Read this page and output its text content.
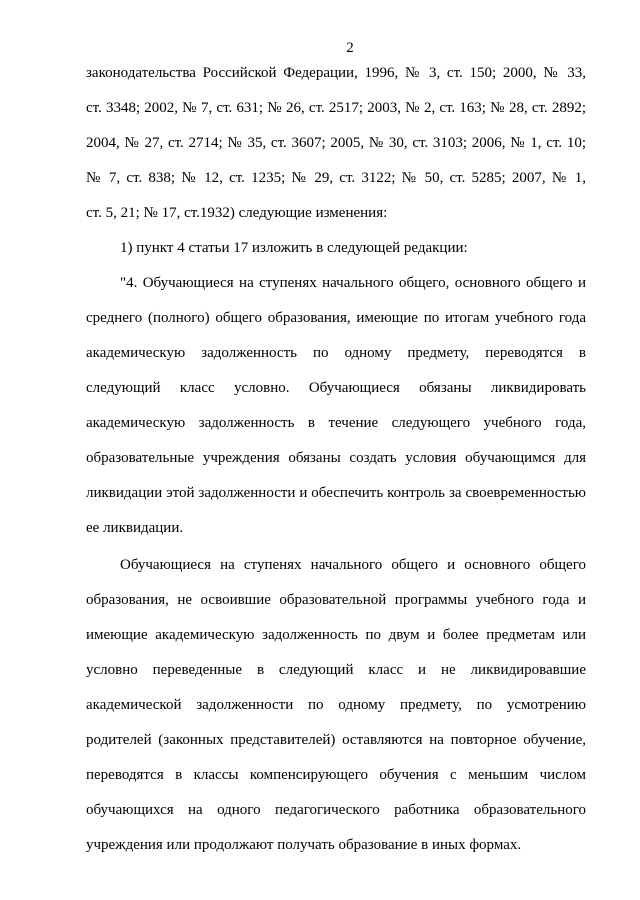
2
законодательства Российской Федерации, 1996, № 3, ст. 150; 2000, № 33,
ст. 3348; 2002, № 7, ст. 631; № 26, ст. 2517; 2003, № 2, ст. 163; № 28, ст. 2892;
2004, № 27, ст. 2714; № 35, ст. 3607; 2005, № 30, ст. 3103; 2006, № 1, ст. 10;
№ 7, ст. 838; № 12, ст. 1235; № 29, ст. 3122; № 50, ст. 5285; 2007, № 1,
ст. 5, 21; № 17, ст.1932) следующие изменения:
1) пункт 4 статьи 17 изложить в следующей редакции:
"4. Обучающиеся на ступенях начального общего, основного общего и
среднего (полного) общего образования, имеющие по итогам учебного года
академическую задолженность по одному предмету, переводятся в
следующий класс условно. Обучающиеся обязаны ликвидировать
академическую задолженность в течение следующего учебного года,
образовательные учреждения обязаны создать условия обучающимся для
ликвидации этой задолженности и обеспечить контроль за своевременностью
ее ликвидации.
Обучающиеся на ступенях начального общего и основного общего
образования, не освоившие образовательной программы учебного года и
имеющие академическую задолженность по двум и более предметам или
условно переведенные в следующий класс и не ликвидировавшие
академической задолженности по одному предмету, по усмотрению
родителей (законных представителей) оставляются на повторное обучение,
переводятся в классы компенсирующего обучения с меньшим числом
обучающихся на одного педагогического работника образовательного
учреждения или продолжают получать образование в иных формах.
